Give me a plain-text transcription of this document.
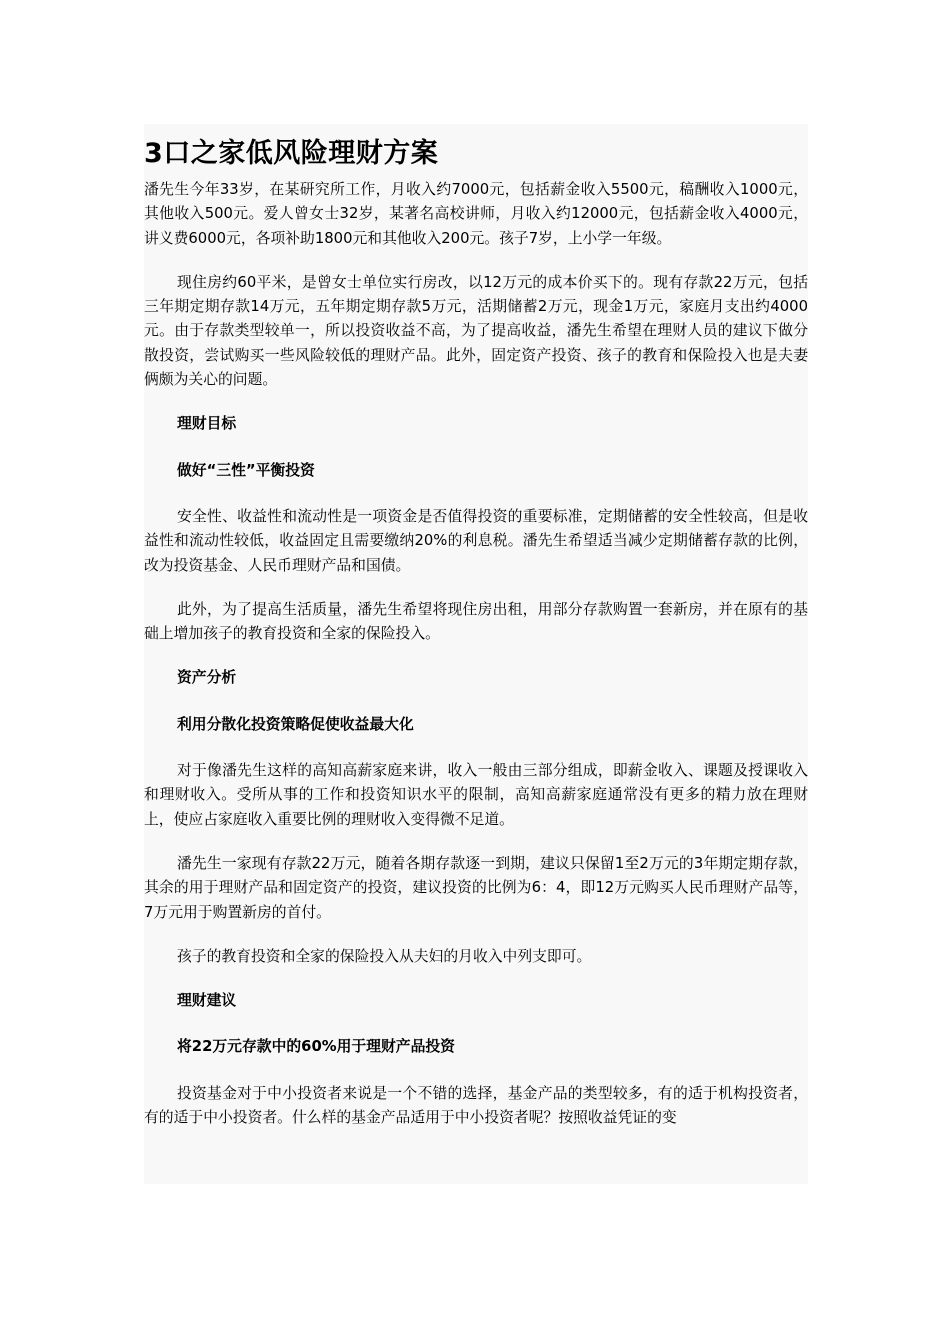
3口之家低风险理财方案

潘先生今年33岁，在某研究所工作，月收入约7000元，包括薪金收入5500元，稿酬收入1000元，其他收入500元。爱人曾女士32岁，某著名高校讲师，月收入约12000元，包括薪金收入4000元，讲义费6000元，各项补助1800元和其他收入200元。孩子7岁，上小学一年级。

现住房约60平米，是曾女士单位实行房改，以12万元的成本价买下的。现有存款22万元，包括三年期定期存款14万元，五年期定期存款5万元，活期储蓄2万元，现金1万元，家庭月支出约4000元。由于存款类型较单一，所以投资收益不高，为了提高收益，潘先生希望在理财人员的建议下做分散投资，尝试购买一些风险较低的理财产品。此外，固定资产投资、孩子的教育和保险投入也是夫妻俩颇为关心的问题。

理财目标
做好“三性”平衡投资

安全性、收益性和流动性是一项资金是否值得投资的重要标准，定期储蓄的安全性较高，但是收益性和流动性较低，收益固定且需要缴纳20%的利息税。潘先生希望适当减少定期储蓄存款的比例，改为投资基金、人民币理财产品和国债。

此外，为了提高生活质量，潘先生希望将现住房出租，用部分存款购置一套新房，并在原有的基础上增加孩子的教育投资和全家的保险投入。

资产分析
利用分散化投资策略促使收益最大化

对于像潘先生这样的高知高薪家庭来讲，收入一般由三部分组成，即薪金收入、课题及授课收入和理财收入。受所从事的工作和投资知识水平的限制，高知高薪家庭通常没有更多的精力放在理财上，使应占家庭收入重要比例的理财收入变得微不足道。

潘先生一家现有存款22万元，随着各期存款逐一到期，建议只保留1至2万元的3年期定期存款，其余的用于理财产品和固定资产的投资，建议投资的比例为6：4，即12万元购买人民币理财产品等，7万元用于购置新房的首付。

孩子的教育投资和全家的保险投入从夫妇的月收入中列支即可。

理财建议
将22万元存款中的60%用于理财产品投资

投资基金对于中小投资者来说是一个不错的选择，基金产品的类型较多，有的适于机构投资者，有的适于中小投资者。什么样的基金产品适用于中小投资者呢？按照收益凭证的变
